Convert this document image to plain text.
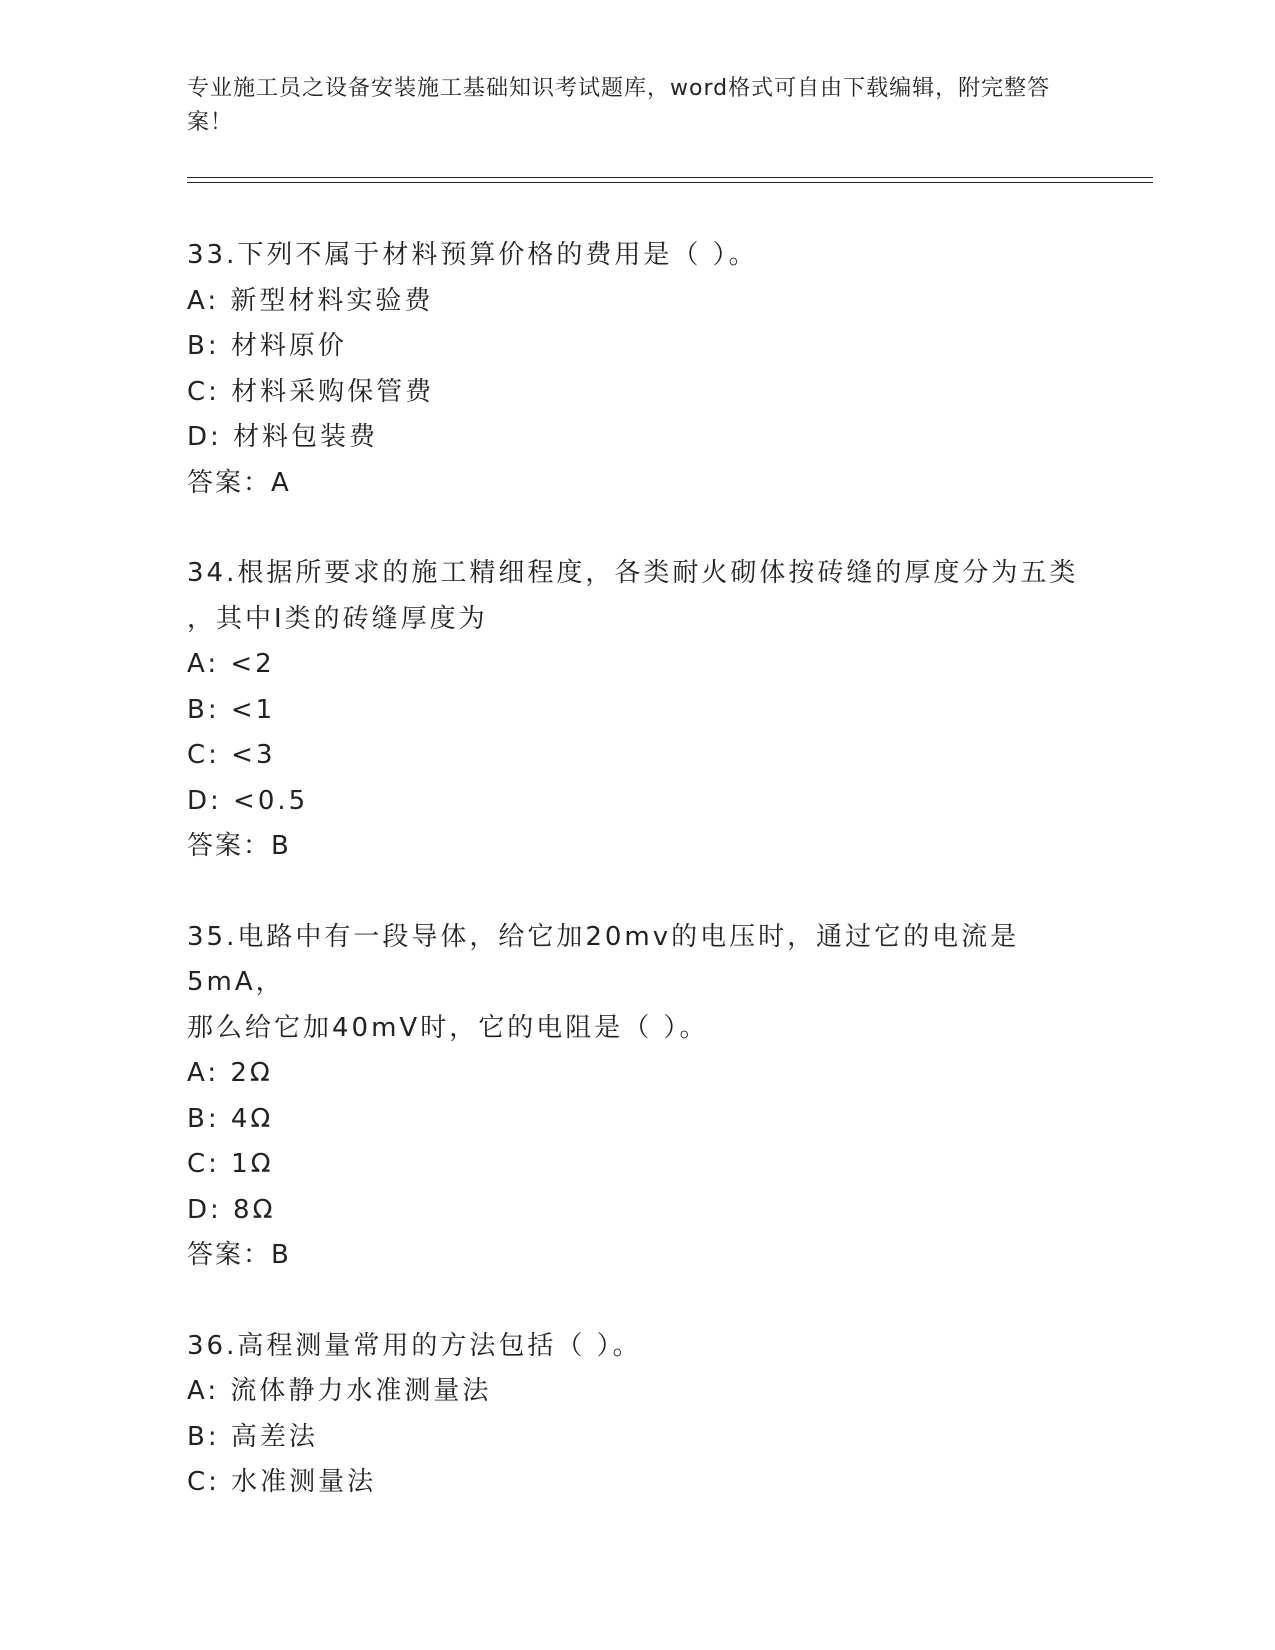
专业施工员之设备安装施工基础知识考试题库，word格式可自由下载编辑，附完整答案！
33.下列不属于材料预算价格的费用是（ ）。
A: 新型材料实验费
B: 材料原价
C: 材料采购保管费
D: 材料包装费
答案：A
34.根据所要求的施工精细程度，各类耐火砌体按砖缝的厚度分为五类
，其中Ⅰ类的砖缝厚度为
A: <2
B: <1
C: <3
D: <0.5
答案：B
35.电路中有一段导体，给它加20mv的电压时，通过它的电流是5mA，
那么给它加40mV时，它的电阻是（ ）。
A: 2Ω
B: 4Ω
C: 1Ω
D: 8Ω
答案：B
36.高程测量常用的方法包括（ ）。
A: 流体静力水准测量法
B: 高差法
C: 水准测量法
